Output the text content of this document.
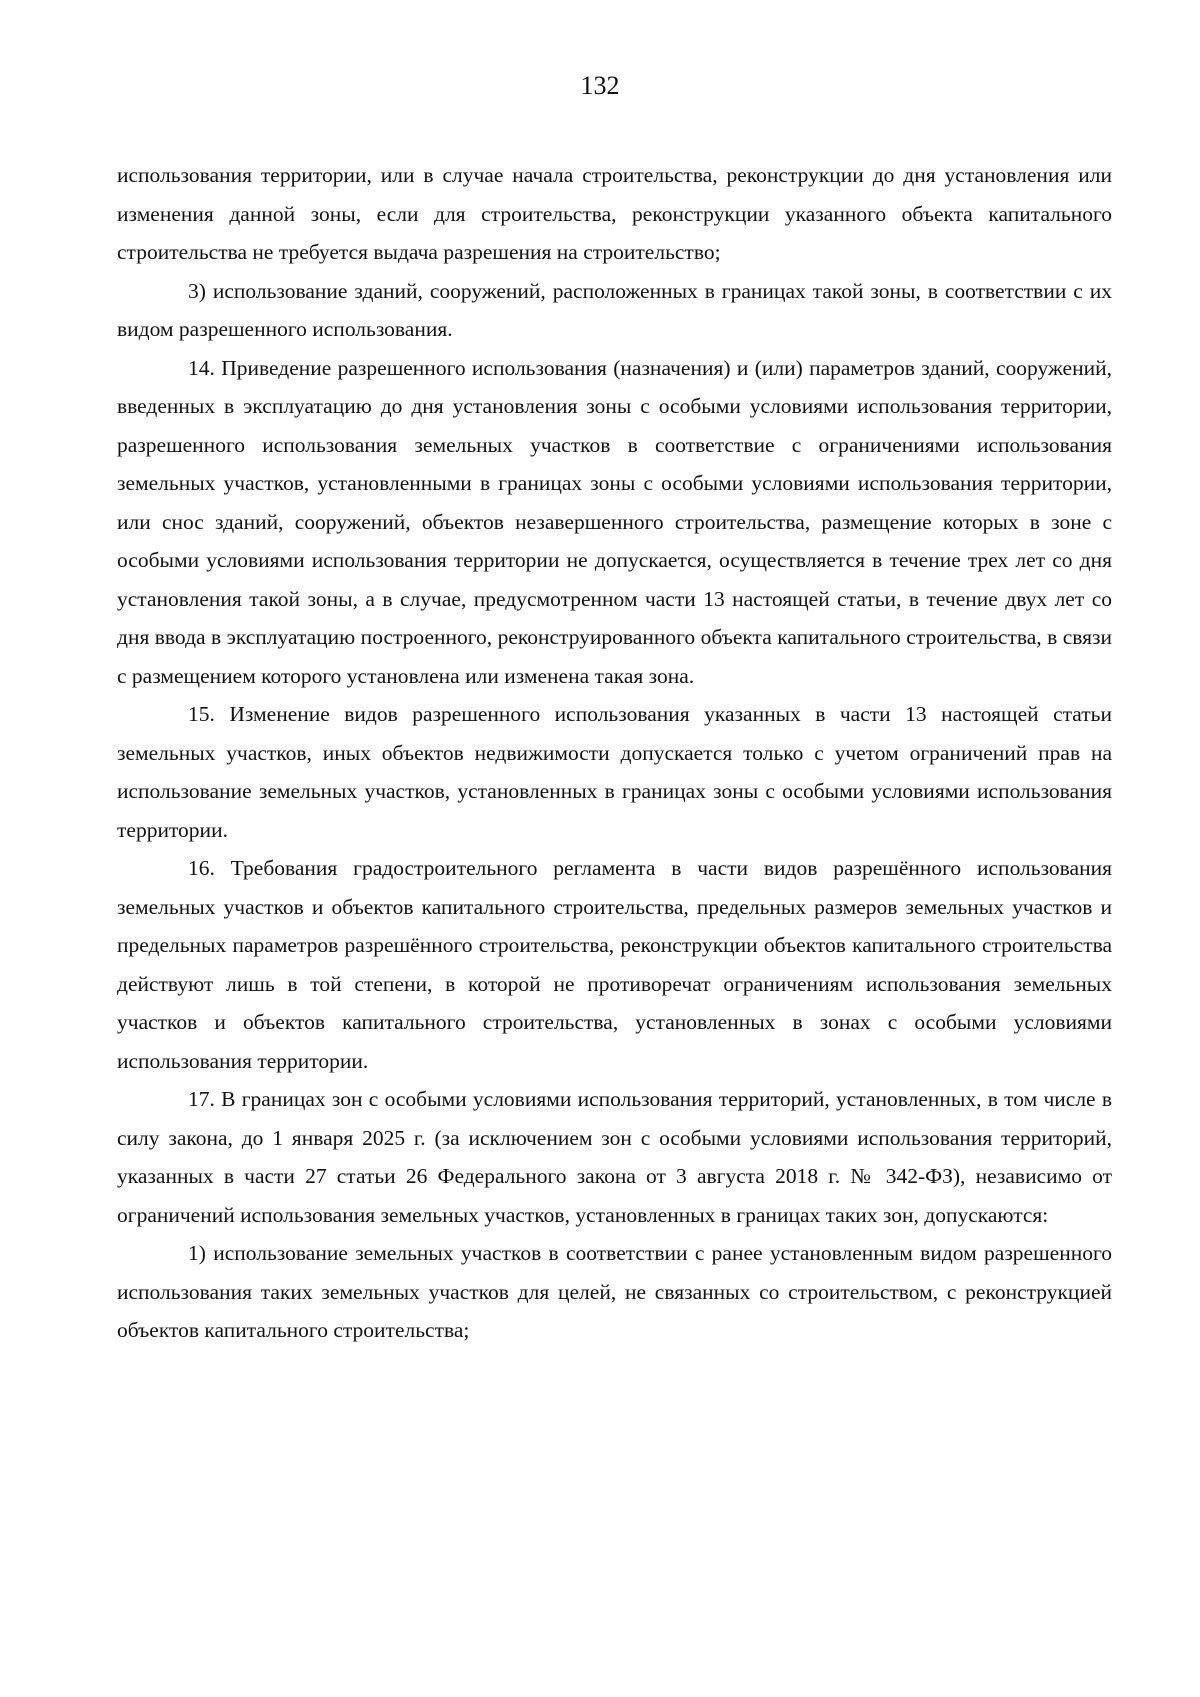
132

использования территории, или в случае начала строительства, реконструкции до дня установления или изменения данной зоны, если для строительства, реконструкции указанного объекта капитального строительства не требуется выдача разрешения на строительство;

3) использование зданий, сооружений, расположенных в границах такой зоны, в соответствии с их видом разрешенного использования.

14. Приведение разрешенного использования (назначения) и (или) параметров зданий, сооружений, введенных в эксплуатацию до дня установления зоны с особыми условиями использования территории, разрешенного использования земельных участков в соответствие с ограничениями использования земельных участков, установленными в границах зоны с особыми условиями использования территории, или снос зданий, сооружений, объектов незавершенного строительства, размещение которых в зоне с особыми условиями использования территории не допускается, осуществляется в течение трех лет со дня установления такой зоны, а в случае, предусмотренном части 13 настоящей статьи, в течение двух лет со дня ввода в эксплуатацию построенного, реконструированного объекта капитального строительства, в связи с размещением которого установлена или изменена такая зона.

15. Изменение видов разрешенного использования указанных в части 13 настоящей статьи земельных участков, иных объектов недвижимости допускается только с учетом ограничений прав на использование земельных участков, установленных в границах зоны с особыми условиями использования территории.

16. Требования градостроительного регламента в части видов разрешённого использования земельных участков и объектов капитального строительства, предельных размеров земельных участков и предельных параметров разрешённого строительства, реконструкции объектов капитального строительства действуют лишь в той степени, в которой не противоречат ограничениям использования земельных участков и объектов капитального строительства, установленных в зонах с особыми условиями использования территории.

17. В границах зон с особыми условиями использования территорий, установленных, в том числе в силу закона, до 1 января 2025 г. (за исключением зон с особыми условиями использования территорий, указанных в части 27 статьи 26 Федерального закона от 3 августа 2018 г. № 342-ФЗ), независимо от ограничений использования земельных участков, установленных в границах таких зон, допускаются:

1) использование земельных участков в соответствии с ранее установленным видом разрешенного использования таких земельных участков для целей, не связанных со строительством, с реконструкцией объектов капитального строительства;
